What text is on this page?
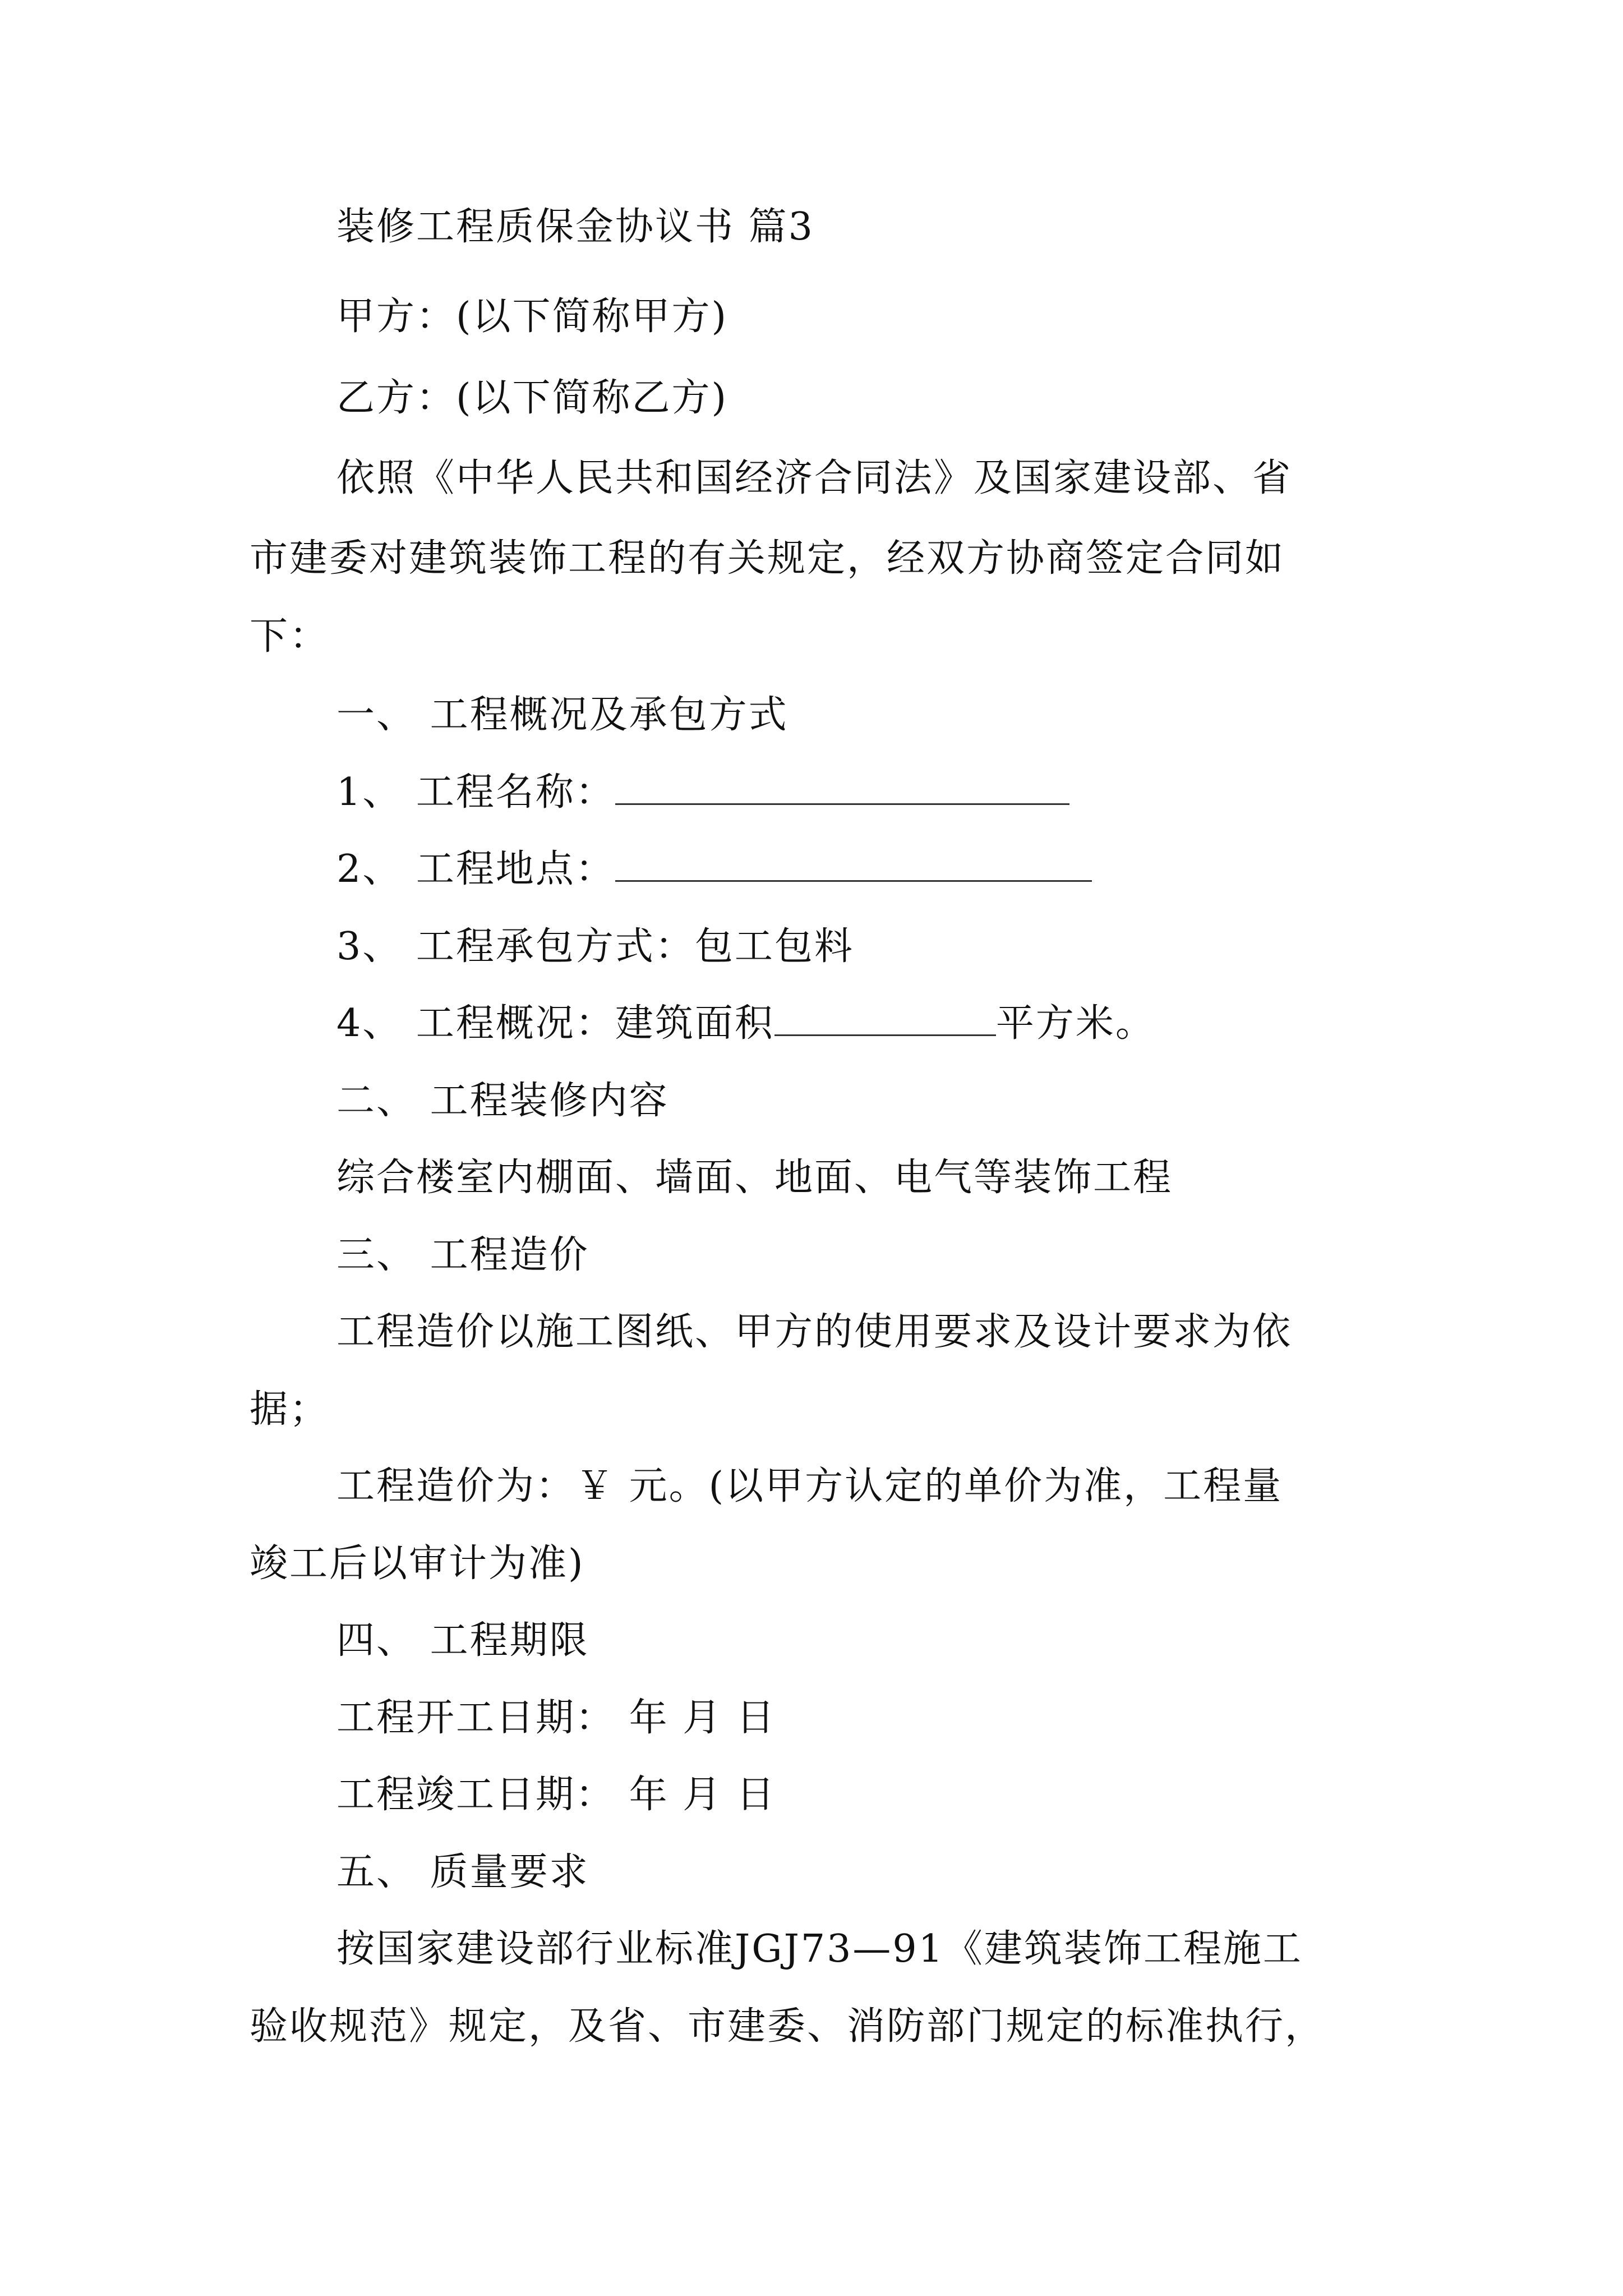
装修工程质保金协议书 篇3
甲方：(以下简称甲方)
乙方：(以下简称乙方)
依照《中华人民共和国经济合同法》及国家建设部、省
市建委对建筑装饰工程的有关规定，经双方协商签定合同如
下：
一、 工程概况及承包方式
1、 工程名称：
2、 工程地点：
3、 工程承包方式：包工包料
4、 工程概况：建筑面积	平方米。
二、 工程装修内容
综合楼室内棚面、墙面、地面、电气等装饰工程
三、 工程造价
工程造价以施工图纸、甲方的使用要求及设计要求为依
据；
工程造价为：￥ 元。(以甲方认定的单价为准，工程量
竣工后以审计为准)
四、 工程期限
工程开工日期： 年 月 日
工程竣工日期： 年 月 日
五、 质量要求
按国家建设部行业标准JGJ73—91《建筑装饰工程施工
验收规范》规定，及省、市建委、消防部门规定的标准执行，
